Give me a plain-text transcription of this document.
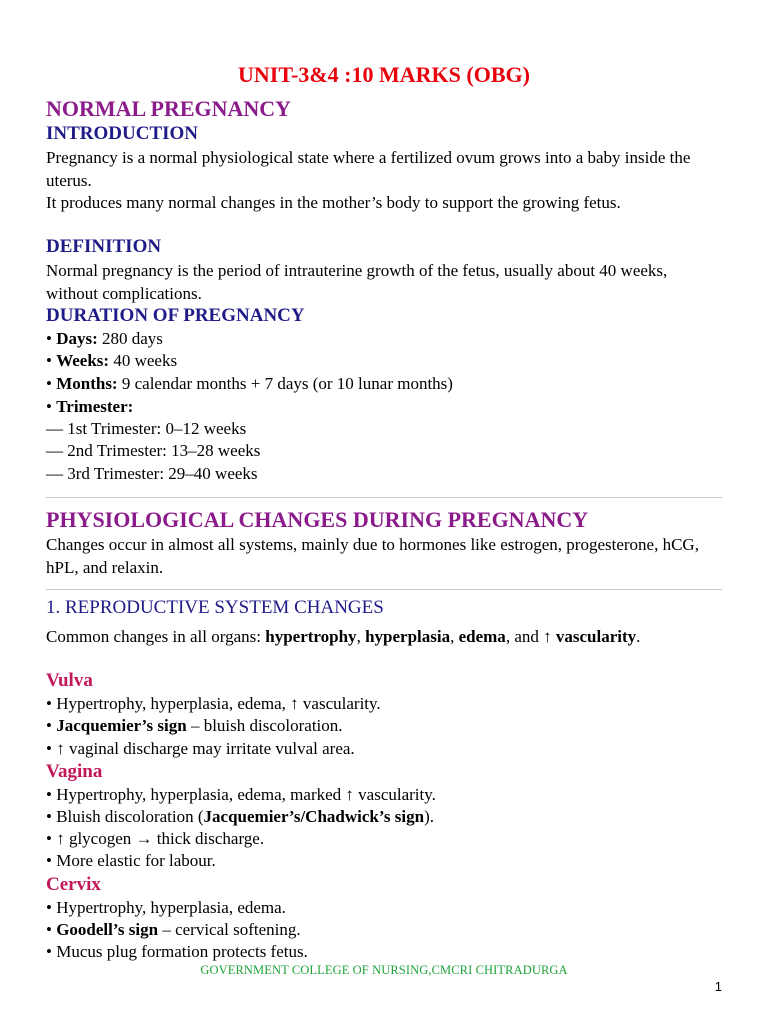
UNIT-3&4 :10 MARKS (OBG)
NORMAL PREGNANCY
INTRODUCTION
Pregnancy is a normal physiological state where a fertilized ovum grows into a baby inside the uterus.
It produces many normal changes in the mother’s body to support the growing fetus.
DEFINITION
Normal pregnancy is the period of intrauterine growth of the fetus, usually about 40 weeks, without complications.
DURATION OF PREGNANCY
• Days: 280 days
• Weeks: 40 weeks
• Months: 9 calendar months + 7 days (or 10 lunar months)
• Trimester:
— 1st Trimester: 0–12 weeks
— 2nd Trimester: 13–28 weeks
— 3rd Trimester: 29–40 weeks
PHYSIOLOGICAL CHANGES DURING PREGNANCY
Changes occur in almost all systems, mainly due to hormones like estrogen, progesterone, hCG, hPL, and relaxin.
1. REPRODUCTIVE SYSTEM CHANGES
Common changes in all organs: hypertrophy, hyperplasia, edema, and ↑ vascularity.
Vulva
• Hypertrophy, hyperplasia, edema, ↑ vascularity.
• Jacquemier’s sign – bluish discoloration.
• ↑ vaginal discharge may irritate vulval area.
Vagina
• Hypertrophy, hyperplasia, edema, marked ↑ vascularity.
• Bluish discoloration (Jacquemier’s/Chadwick’s sign).
• ↑ glycogen → thick discharge.
• More elastic for labour.
Cervix
• Hypertrophy, hyperplasia, edema.
• Goodell’s sign – cervical softening.
• Mucus plug formation protects fetus.
GOVERNMENT COLLEGE OF NURSING,CMCRI CHITRADURGA
1
